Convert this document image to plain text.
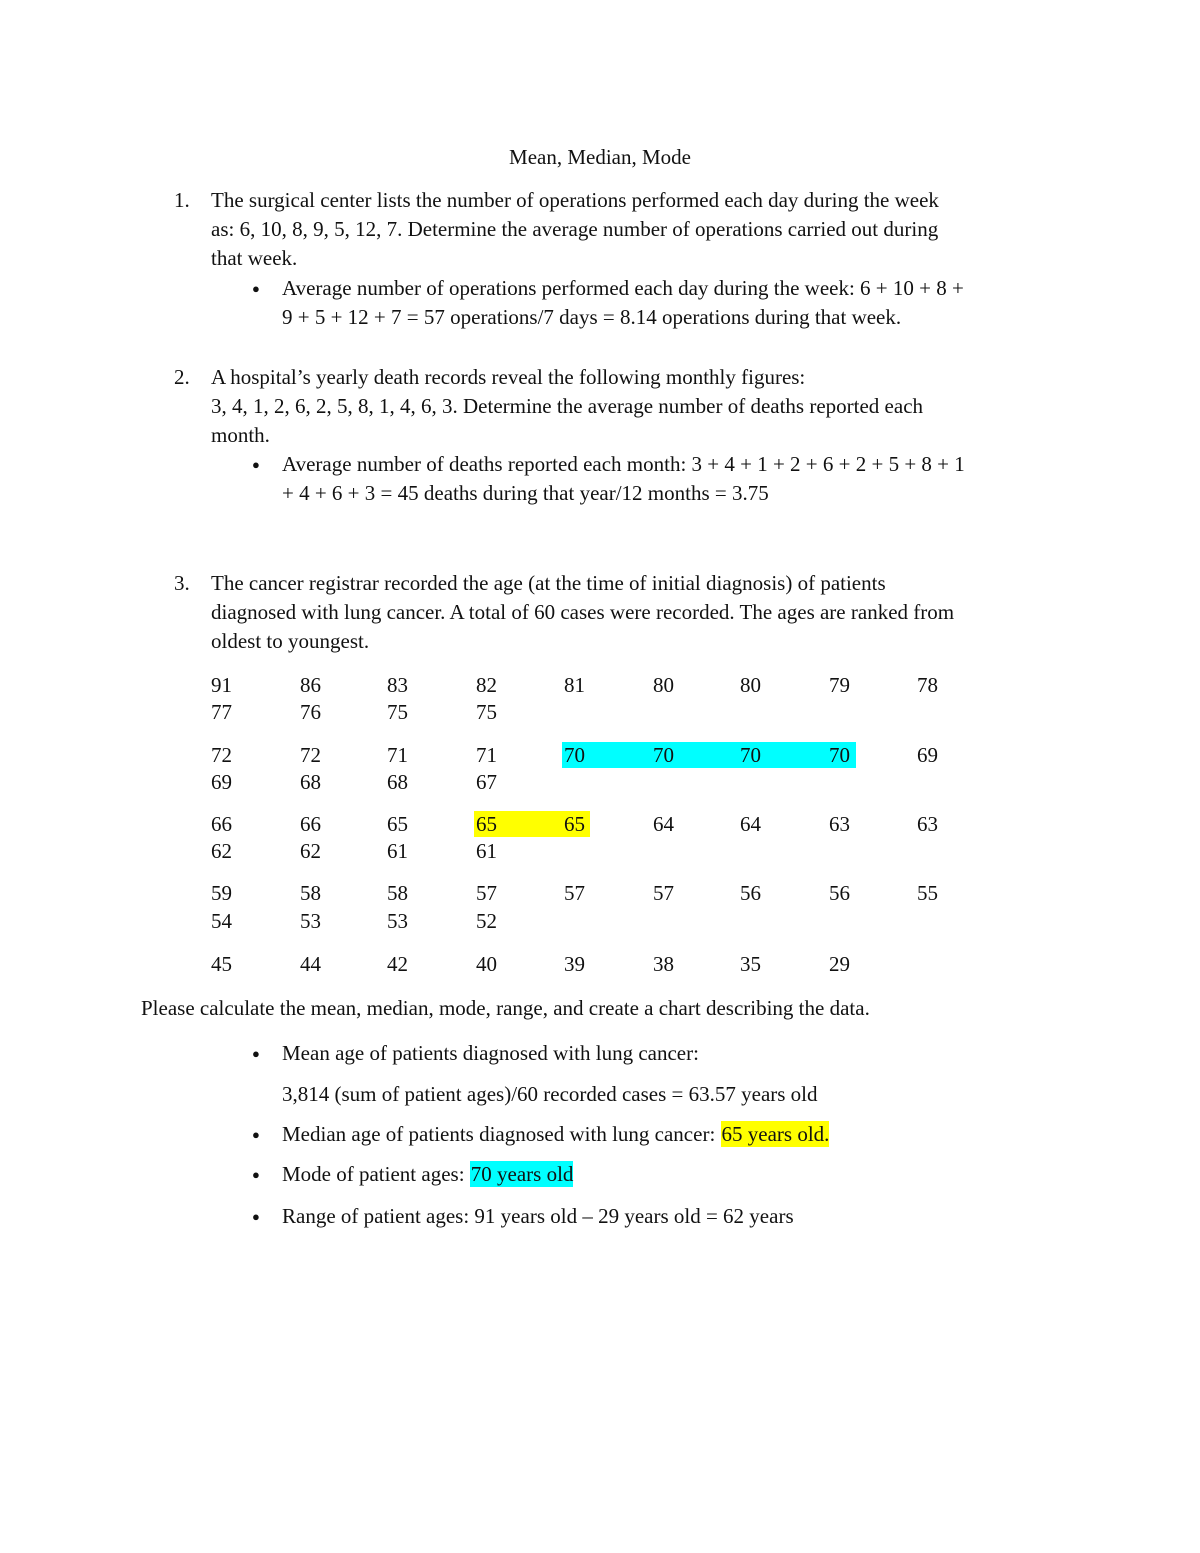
Mean, Median, Mode
1. The surgical center lists the number of operations performed each day during the week
as: 6, 10, 8, 9, 5, 12, 7. Determine the average number of operations carried out during
that week.
● Average number of operations performed each day during the week: 6 + 10 + 8 +
9 + 5 + 12 + 7 = 57 operations/7 days = 8.14 operations during that week.
2. A hospital’s yearly death records reveal the following monthly figures:
3, 4, 1, 2, 6, 2, 5, 8, 1, 4, 6, 3. Determine the average number of deaths reported each
month.
● Average number of deaths reported each month: 3 + 4 + 1 + 2 + 6 + 2 + 5 + 8 + 1
+ 4 + 6 + 3 = 45 deaths during that year/12 months = 3.75
3. The cancer registrar recorded the age (at the time of initial diagnosis) of patients
diagnosed with lung cancer. A total of 60 cases were recorded. The ages are ranked from
oldest to youngest.
91	86	83	82	81	80	80	79	78
77	76	75	75
72	72	71	71	70	70	70	70	69
69	68	68	67
66	66	65	65	65	64	64	63	63
62	62	61	61
59	58	58	57	57	57	56	56	55
54	53	53	52
45	44	42	40	39	38	35	29
Please calculate the mean, median, mode, range, and create a chart describing the data.
● Mean age of patients diagnosed with lung cancer:
3,814 (sum of patient ages)/60 recorded cases = 63.57 years old
● Median age of patients diagnosed with lung cancer: 65 years old.
● Mode of patient ages: 70 years old
● Range of patient ages: 91 years old – 29 years old = 62 years
